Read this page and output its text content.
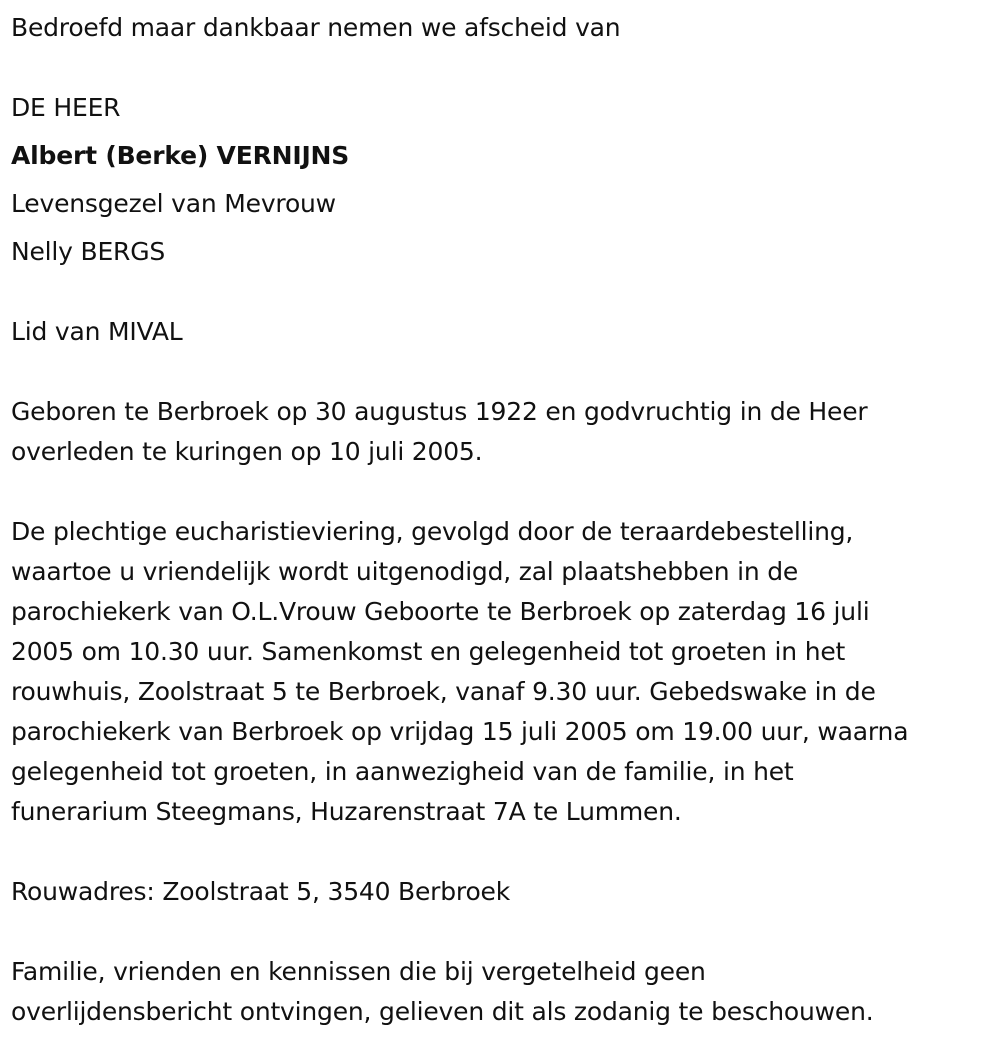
Bedroefd maar dankbaar nemen we afscheid van

DE HEER

Albert (Berke) VERNIJNS

Levensgezel van Mevrouw

Nelly BERGS

Lid van MIVAL

Geboren te Berbroek op 30 augustus 1922 en godvruchtig in de Heer

overleden te kuringen op 10 juli 2005.

De plechtige eucharistieviering, gevolgd door de teraardebestelling,

waartoe u vriendelijk wordt uitgenodigd, zal plaatshebben in de

parochiekerk van O.L.Vrouw Geboorte te Berbroek op zaterdag 16 juli

2005 om 10.30 uur. Samenkomst en gelegenheid tot groeten in het

rouwhuis, Zoolstraat 5 te Berbroek, vanaf 9.30 uur. Gebedswake in de

parochiekerk van Berbroek op vrijdag 15 juli 2005 om 19.00 uur, waarna

gelegenheid tot groeten, in aanwezigheid van de familie, in het

funerarium Steegmans, Huzarenstraat 7A te Lummen.

Rouwadres: Zoolstraat 5, 3540 Berbroek

Familie, vrienden en kennissen die bij vergetelheid geen

overlijdensbericht ontvingen, gelieven dit als zodanig te beschouwen.
